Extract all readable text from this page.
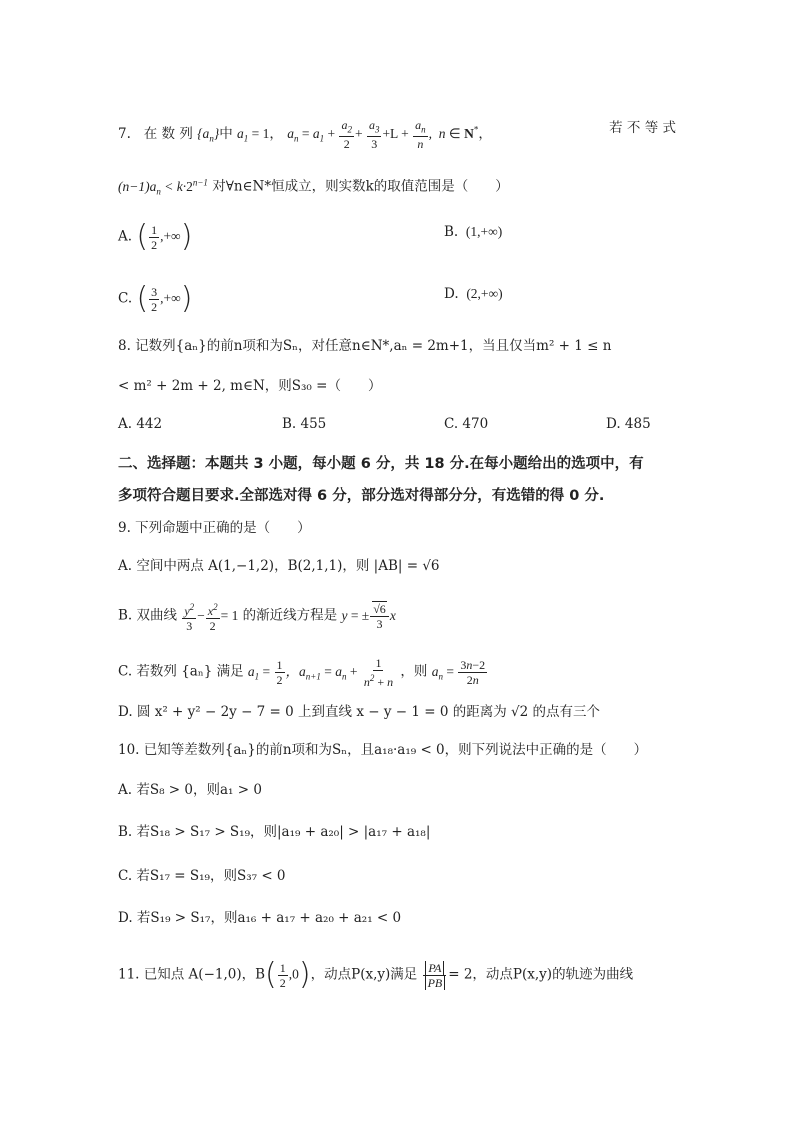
7. 在 数 列 $\{a_n\}$中 $a_1 = 1$， $a_n = a_1 + \frac{a_2}{2} + \frac{a_3}{3} +L + \frac{a_n}{n}$ ,  n ∈ N*，	若 不 等 式
$(n-1)a_n < k\cdot 2^{n-1}$ 对∀n∈N*恒成立，则实数k的取值范围是（　　）
A. ( $\frac{1}{2}$ ,+∞)	B.  (1,+∞)
C. ( $\frac{3}{2}$ ,+∞)	D.  (2,+∞)
8. 记数列{aₙ}的前n项和为Sₙ，对任意n∈N*,aₙ = 2m+1，当且仅当m² + 1 ≤ n
< m² + 2m + 2, m∈N，则S₃₀ =（　　）
A. 442	B. 455	C. 470	D. 485
二、选择题：本题共 3 小题，每小题 6 分，共 18 分.在每小题给出的选项中，有
多项符合题目要求.全部选对得 6 分，部分选对得部分分，有选错的得 0 分.
9. 下列命题中正确的是（　　）
A. 空间中两点 A(1,−1,2)，B(2,1,1)，则 |AB| = √6
B. 双曲线 $\frac{y^2}{3} - \frac{x^2}{2} = 1$ 的渐近线方程是 y = ± $\frac{√6}{3}$ x
C. 若数列 {aₙ} 满足 $a_1 = \frac{1}{2}$ ，$a_{n+1} = a_n + \frac{1}{n^2 + n}$ ，则 $a_n = \frac{3n-2}{2n}$
D. 圆 x² + y² − 2y − 7 = 0 上到直线 x − y − 1 = 0 的距离为 √2 的点有三个
10. 已知等差数列{aₙ}的前n项和为Sₙ，且a₁₈·a₁₉ < 0，则下列说法中正确的是（　　）
A. 若S₈ > 0，则a₁ > 0
B. 若S₁₈ > S₁₇ > S₁₉，则|a₁₉ + a₂₀| > |a₁₇ + a₁₈|
C. 若S₁₇ = S₁₉，则S₃₇ < 0
D. 若S₁₉ > S₁₇，则a₁₆ + a₁₇ + a₂₀ + a₂₁ < 0
11. 已知点 A(−1,0)，$B( \frac{1}{2} ,0)$，动点P(x,y)满足 $\frac{PA}{PB} = 2$，动点P(x,y)的轨迹为曲线
